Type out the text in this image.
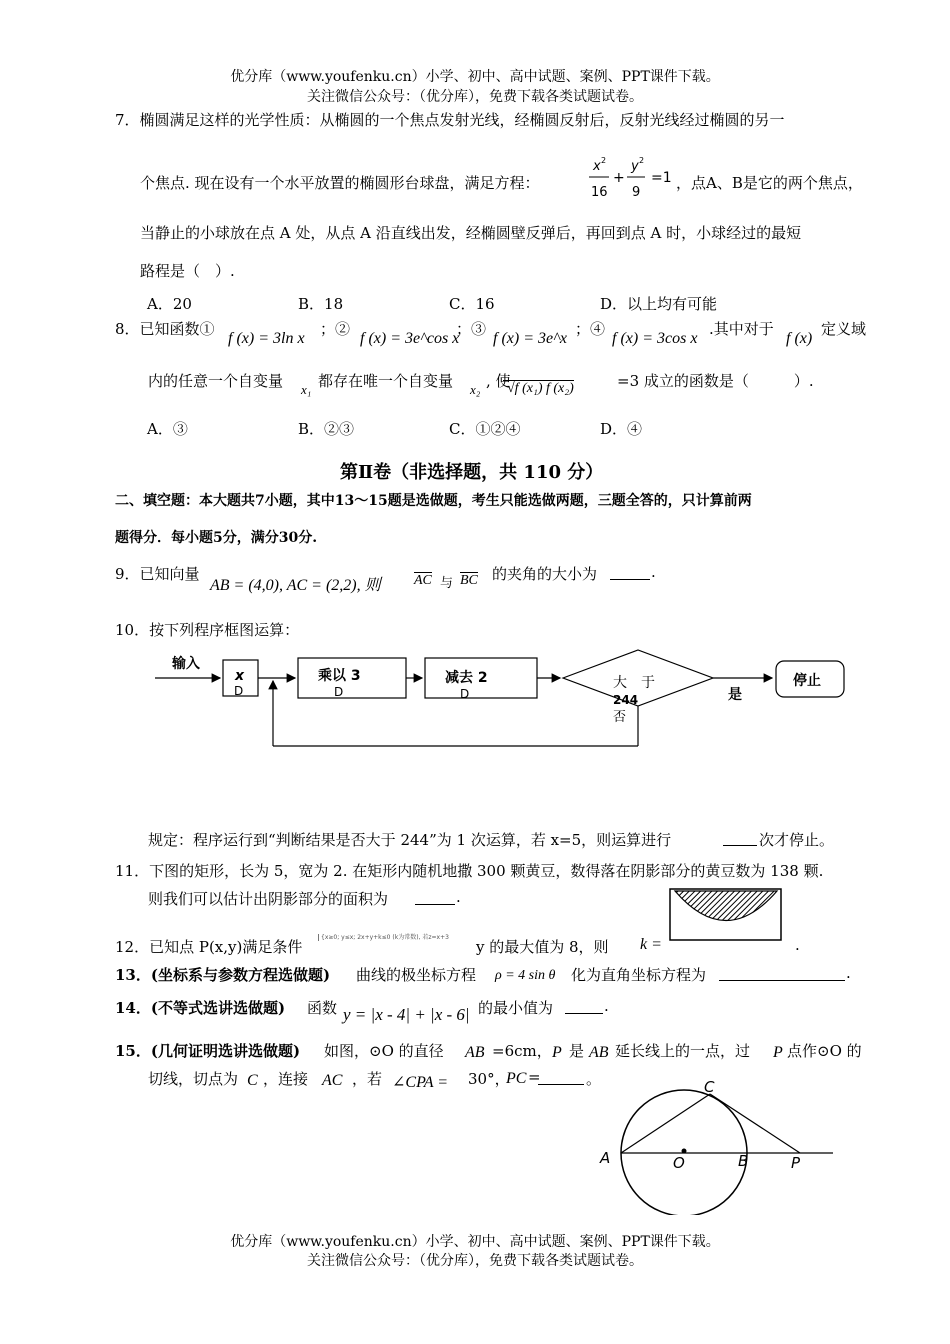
优分库（www.youfenku.cn）小学、初中、高中试题、案例、PPT课件下载。
关注微信公众号：（优分库），免费下载各类试题试卷。
7．椭圆满足这样的光学性质：从椭圆的一个焦点发射光线，经椭圆反射后，反射光线经过椭圆的另一
个焦点. 现在设有一个水平放置的椭圆形台球盘，满足方程：
x 2
16
+
y 2
9
=1 ，点A、B是它的两个焦点，
当静止的小球放在点 A 处，从点 A 沿直线出发，经椭圆壁反弹后，再回到点 A 时，小球经过的最短
路程是（　）.
A．20	B．18	C．16	D．以上均有可能
8．已知函数①
f (x) = 3ln x
；②
f (x) = 3e^cos x
；③
f (x) = 3e^x
；④
f (x) = 3cos x
.其中对于
f (x)
定义域
内的任意一个自变量 x₁ 都存在唯一个自变量 x₂ , 使
√f (x₁) f (x₂)	=3 成立的函数是（　　　）.
A．③	B．②③	C．①②④	D．④
第Ⅱ卷（非选择题，共 110 分）
二、填空题：本大题共7小题，其中13～15题是选做题，考生只能选做两题，三题全答的，只计算前两
题得分．每小题5分，满分30分.
9．已知向量
AB = (4,0), AC = (2,2), 则 AC 与 BC 的夹角的大小为	.
10．按下列程序框图运算：
输入
x
D
乘以 3
D
减去 2
D
大　于
244
否
是
停止
规定：程序运行到“判断结果是否大于 244”为 1 次运算，若 x=5，则运算进行	次才停止。
11．下图的矩形，长为 5，宽为 2. 在矩形内随机地撒 300 颗黄豆，数得落在阴影部分的黄豆数为 138 颗.
则我们可以估计出阴影部分的面积为	.
12．已知点 P(x,y)满足条件
{x≥0; y≤x; 2x+y+k≤0 (k为常数), 若z=x+3
y 的最大值为 8，则 k =	.
13．(坐标系与参数方程选做题) 曲线的极坐标方程 ρ = 4 sin θ 化为直角坐标方程为	.
14．(不等式选讲选做题) 函数 y = |x - 4| + |x - 6| 的最小值为	.
15．(几何证明选讲选做题) 如图，⊙O 的直径 AB =6cm， P 是 AB 延长线上的一点，过 P 点作⊙O 的
切线，切点为 C ，连接 AC ，若 ∠CPA = 30°，
PC =	。	C
A	O	B	P
优分库（www.youfenku.cn）小学、初中、高中试题、案例、PPT课件下载。
关注微信公众号：（优分库），免费下载各类试题试卷。
